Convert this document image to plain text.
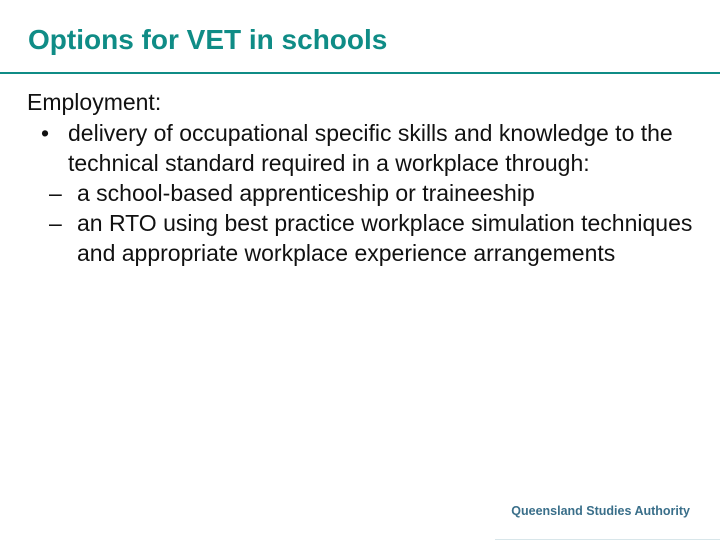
Options for VET in schools
Employment:
• delivery of occupational specific skills and knowledge to the technical standard required in a workplace through:
– a school-based apprenticeship or traineeship
– an RTO using best practice workplace simulation techniques and appropriate workplace experience arrangements
Queensland Studies Authority
